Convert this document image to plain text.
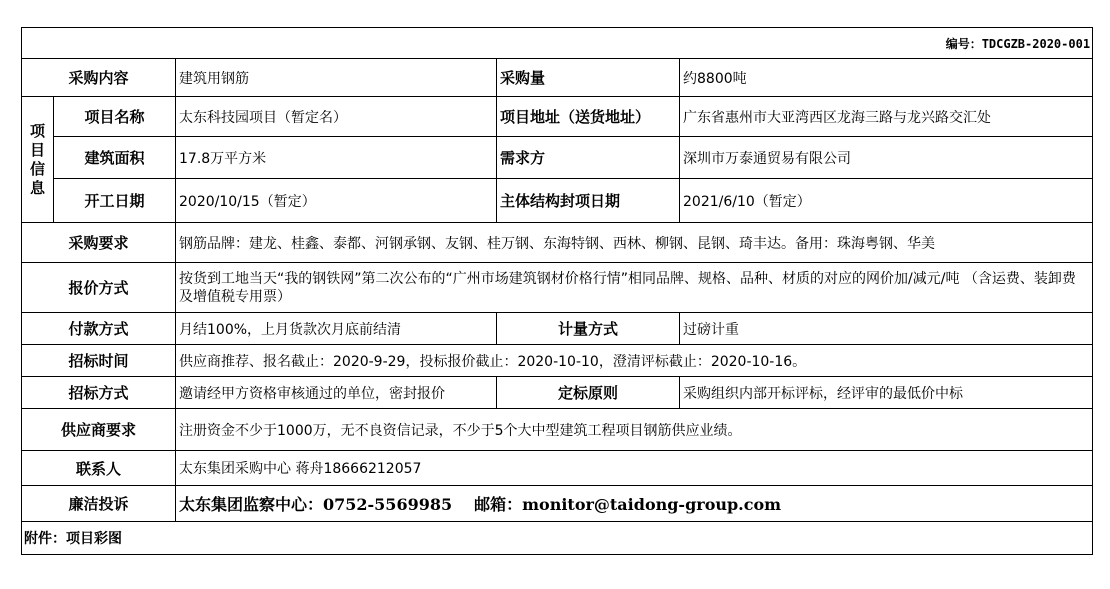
编号：TDCGZB-2020-001				
采购内容		建筑用钢筋	采购量	约8800吨

项
目
信
息	项目名称	太东科技园项目（暂定名）	项目地址（送货地址）	广东省惠州市大亚湾西区龙海三路与龙兴路交汇处
	建筑面积	17.8万平方米	需求方	深圳市万泰通贸易有限公司
	开工日期	2020/10/15（暂定）	主体结构封项日期	2021/6/10（暂定）
采购要求		钢筋品牌：建龙、桂鑫、泰都、河钢承钢、友钢、桂万钢、东海特钢、西林、柳钢、昆钢、琦丰达。备用：珠海粤钢、华美		
报价方式		按货到工地当天“我的钢铁网”第二次公布的“广州市场建筑钢材价格行情”相同品牌、规格、品种、材质的对应的网价加/减元/吨 （含运费、装卸费及增值税专用票）		
付款方式		月结100%，上月货款次月底前结清	计量方式	过磅计重
招标时间		供应商推荐、报名截止：2020-9-29，投标报价截止：2020-10-10，澄清评标截止：2020-10-16。		
招标方式		邀请经甲方资格审核通过的单位，密封报价	定标原则	采购组织内部开标评标，经评审的最低价中标
供应商要求		注册资金不少于1000万，无不良资信记录，不少于5个大中型建筑工程项目钢筋供应业绩。		
联系人		太东集团采购中心 蒋舟18666212057		
廉洁投诉		太东集团监察中心：0752-5569985 邮箱：monitor@taidong-group.com		
附件：项目彩图				
